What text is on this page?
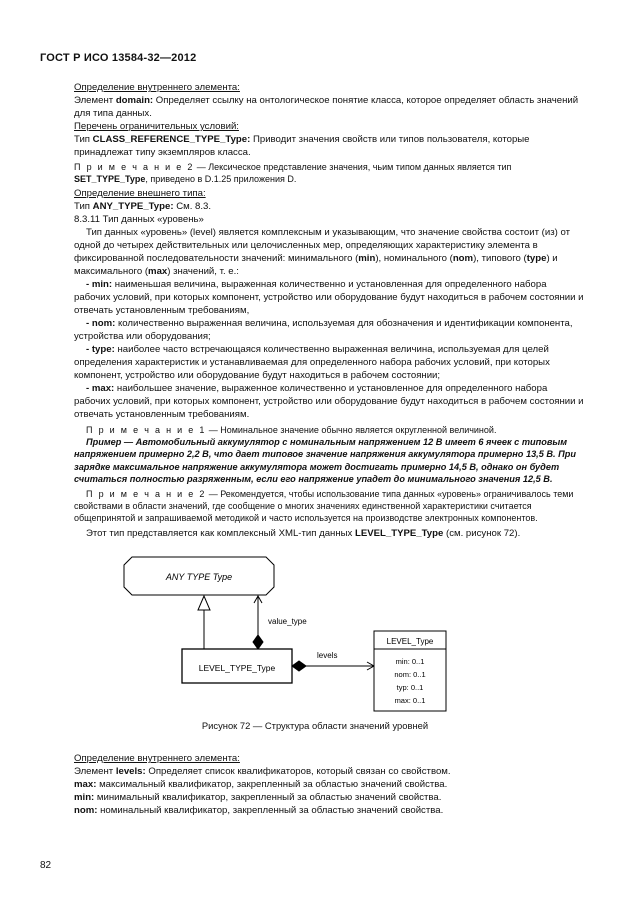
ГОСТ Р ИСО 13584-32—2012

Определение внутреннего элемента:

Элемент domain: Определяет ссылку на онтологическое понятие класса, которое определяет область значений для типа данных.

Перечень ограничительных условий:

Тип CLASS_REFERENCE_TYPE_Type: Приводит значения свойств или типов пользователя, которые принадлежат типу экземпляров класса.

П р и м е ч а н и е 2 — Лексическое представление значения, чьим типом данных является тип SET_TYPE_Type, приведено в D.1.25 приложения D.

Определение внешнего типа:

Тип ANY_TYPE_Type: См. 8.3.

8.3.11 Тип данных «уровень»

Тип данных «уровень» (level) является комплексным и указывающим, что значение свойства состоит (из) от одной до четырех действительных или целочисленных мер, определяющих характеристику элемента в фиксированной последовательности значений: минимального (min), номинального (nom), типового (type) и максимального (max) значений, т. е.:

- min: наименьшая величина, выраженная количественно и установленная для определенного набора рабочих условий, при которых компонент, устройство или оборудование будут находиться в рабочем состоянии и отвечать установленным требованиям,

- nom: количественно выраженная величина, используемая для обозначения и идентификации компонента, устройства или оборудования;

- type: наиболее часто встречающаяся количественно выраженная величина, используемая для целей определения характеристик и устанавливаемая для определенного набора рабочих условий, при которых компонент, устройство или оборудование будут находиться в рабочем состоянии;

- max: наибольшее значение, выраженное количественно и установленное для определенного набора рабочих условий, при которых компонент, устройство или оборудование будут находиться в рабочем состоянии и отвечать установленным требованиям.

П р и м е ч а н и е 1 — Номинальное значение обычно является округленной величиной.

Пример — Автомобильный аккумулятор с номинальным напряжением 12 В имеет 6 ячеек с типовым напряжением примерно 2,2 В, что дает типовое значение напряжения аккумулятора примерно 13,5 В. При зарядке максимальное напряжение аккумулятора может достигать примерно 14,5 В, однако он будет считаться полностью разряженным, если его напряжение упадет до минимального значения 12,5 В.

П р и м е ч а н и е 2 — Рекомендуется, чтобы использование типа данных «уровень» ограничивалось теми свойствами в области значений, где сообщение о многих значениях единственной характеристики считается общепринятой и запрашиваемой методикой и часто используется на производстве электронных компонентов.

Этот тип представляется как комплексный XML-тип данных LEVEL_TYPE_Type (см. рисунок 72).

ANY TYPE Type
value_type
LEVEL_TYPE_Type
levels
LEVEL_Type
min: 0..1
nom: 0..1
typ: 0..1
max: 0..1
Рисунок 72 — Структура области значений уровней

Определение внутреннего элемента:

Элемент levels: Определяет список квалификаторов, который связан со свойством.

max: максимальный квалификатор, закрепленный за областью значений свойства.

min: минимальный квалификатор, закрепленный за областью значений свойства.

nom: номинальный квалификатор, закрепленный за областью значений свойства.

82
